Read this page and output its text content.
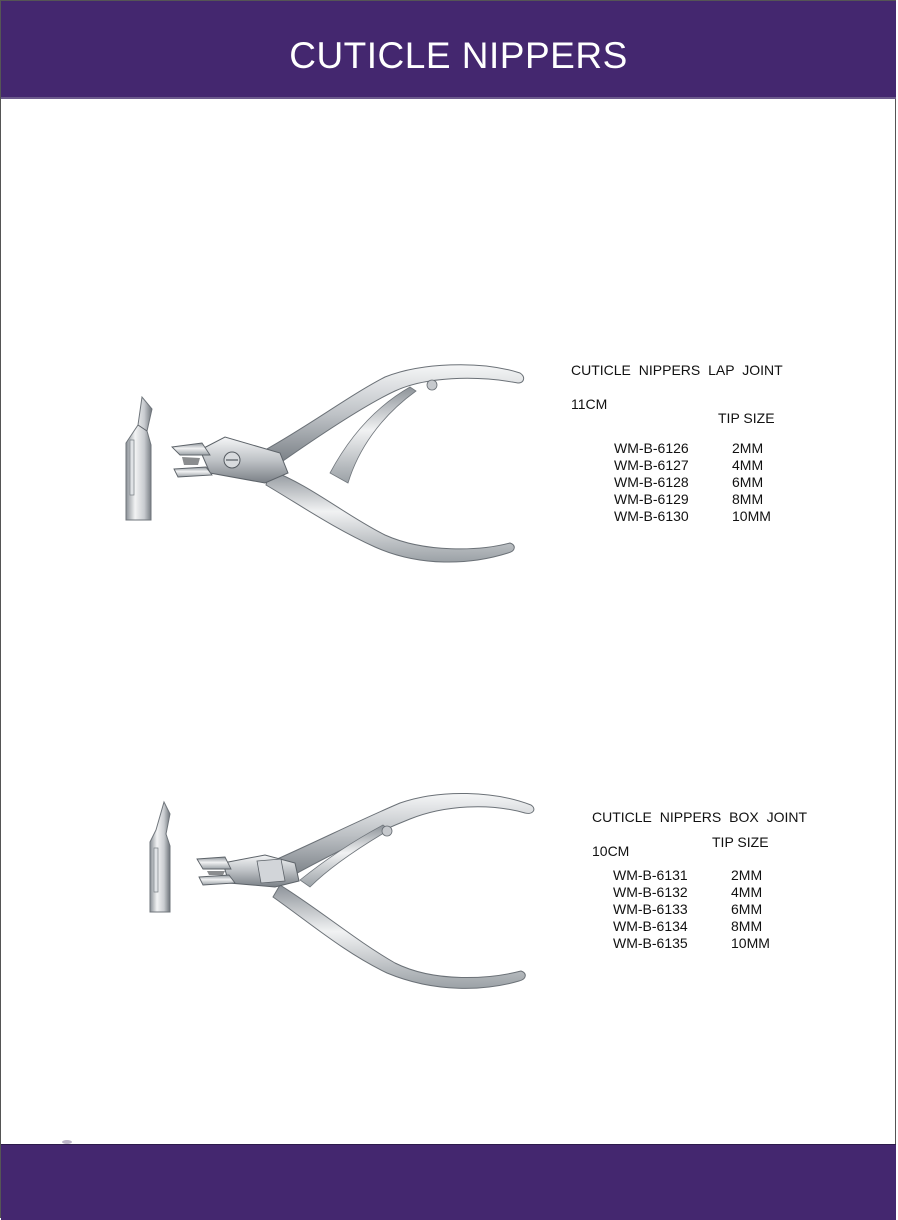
CUTICLE NIPPERS

CUTICLE NIPPERS LAP JOINT

11CM

TIP SIZE
WM-B-6126	2MM
WM-B-6127	4MM
WM-B-6128	6MM
WM-B-6129	8MM
WM-B-6130	10MM

CUTICLE NIPPERS BOX JOINT

10CM

TIP SIZE
WM-B-6131	2MM
WM-B-6132	4MM
WM-B-6133	6MM
WM-B-6134	8MM
WM-B-6135	10MM
